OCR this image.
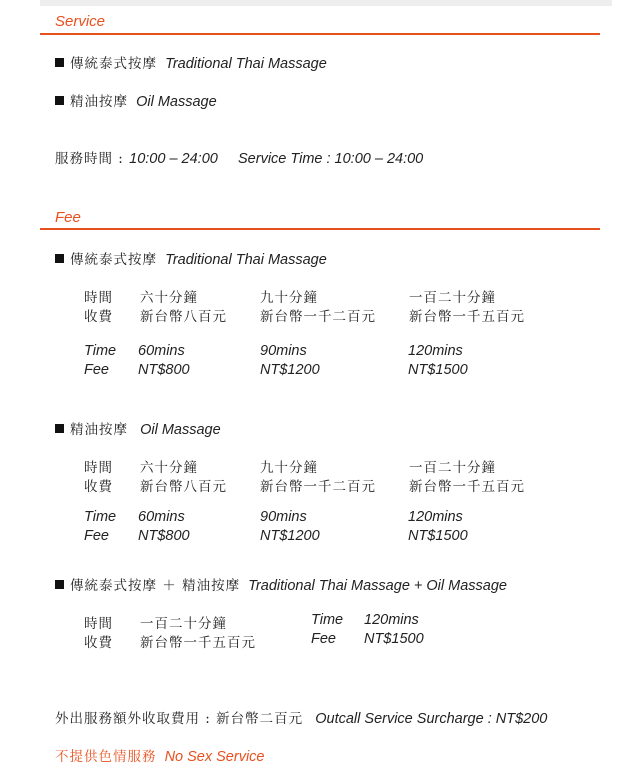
Service
傳統泰式按摩 Traditional Thai Massage
精油按摩 Oil Massage
服務時間 : 10:00 – 24:00 Service Time : 10:00 – 24:00
Fee
傳統泰式按摩 Traditional Thai Massage
時間 六十分鐘	九十分鐘	一百二十分鐘
收費 新台幣八百元 新台幣一千二百元 新台幣一千五百元
Time 60mins	90mins	120mins
Fee NT$800	NT$1200	NT$1500
精油按摩 Oil Massage
時間 六十分鐘	九十分鐘	一百二十分鐘
收費 新台幣八百元 新台幣一千二百元 新台幣一千五百元
Time 60mins	90mins	120mins
Fee NT$800	NT$1200	NT$1500
傳統泰式按摩 ＋ 精油按摩 Traditional Thai Massage + Oil Massage
時間 一百二十分鐘
收費 新台幣一千五百元
Time 120mins
Fee NT$1500
外出服務額外收取費用 : 新台幣二百元 Outcall Service Surcharge : NT$200
不提供色情服務 No Sex Service
